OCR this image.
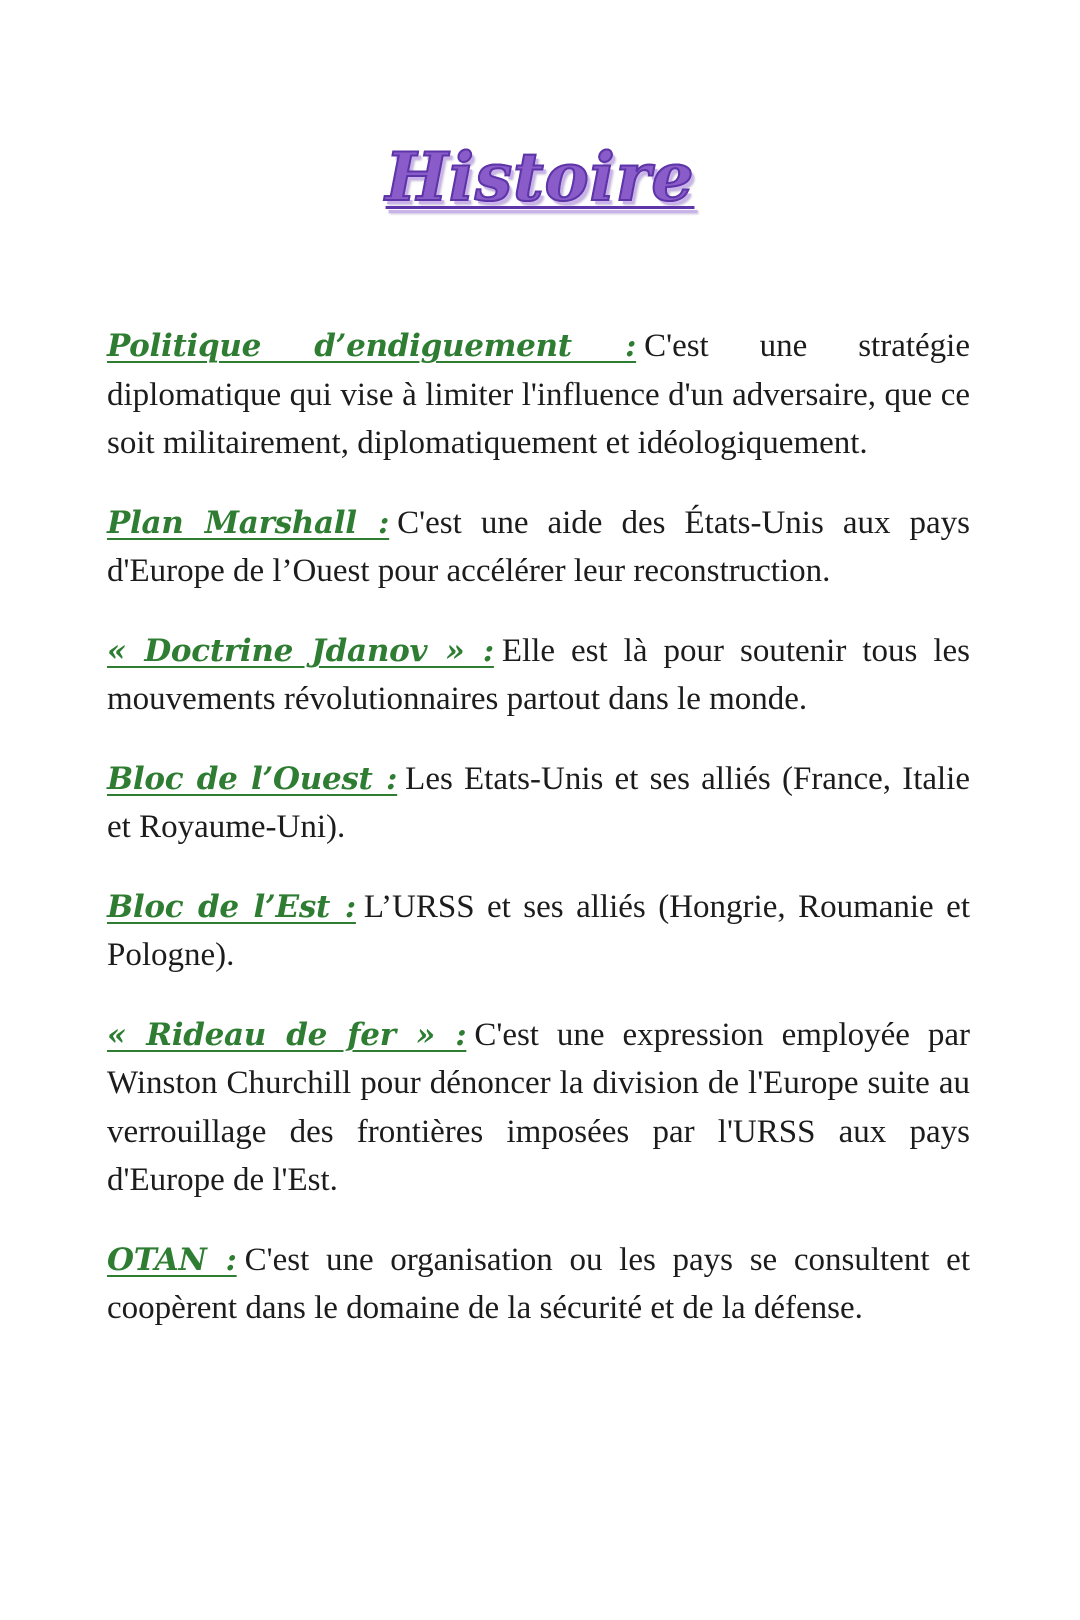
Histoire

Politique d’endiguement : C'est une stratégie diplomatique qui vise à limiter l'influence d'un adversaire, que ce soit militairement, diplomatiquement et idéologiquement.

Plan Marshall : C'est une aide des États-Unis aux pays d'Europe de l’Ouest pour accélérer leur reconstruction.

« Doctrine Jdanov » : Elle est là pour soutenir tous les mouvements révolutionnaires partout dans le monde.

Bloc de l’Ouest : Les Etats-Unis et ses alliés (France, Italie et Royaume-Uni).

Bloc de l’Est : L’URSS et ses alliés (Hongrie, Roumanie et Pologne).

« Rideau de fer » : C'est une expression employée par Winston Churchill pour dénoncer la division de l'Europe suite au verrouillage des frontières imposées par l'URSS aux pays d'Europe de l'Est.

OTAN : C'est une organisation ou les pays se consultent et coopèrent dans le domaine de la sécurité et de la défense.
